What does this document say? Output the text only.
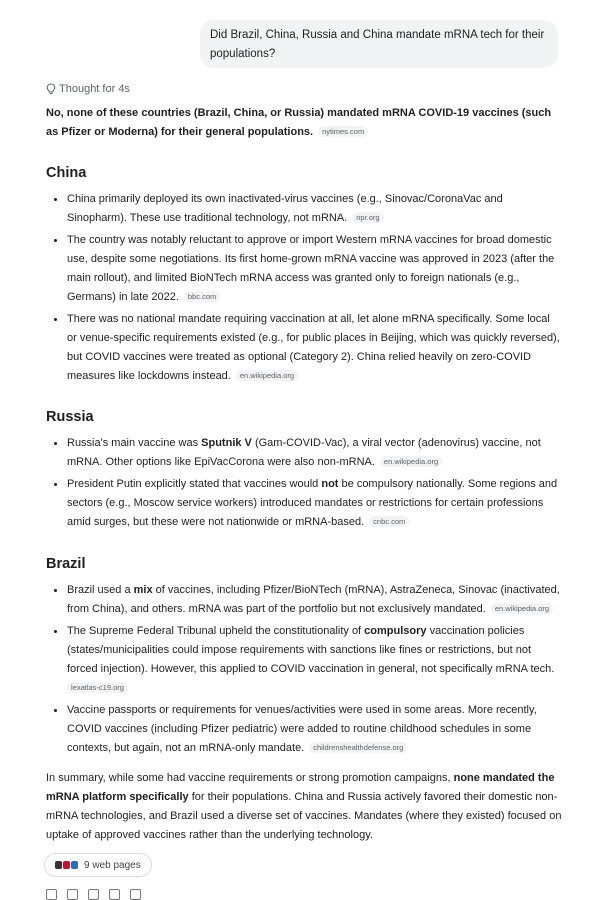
Did Brazil, China, Russia and China mandate mRNA tech for their populations?
Thought for 4s

No, none of these countries (Brazil, China, or Russia) mandated mRNA COVID-19 vaccines (such as Pfizer or Moderna) for their general populations. nytimes.com

China
China primarily deployed its own inactivated-virus vaccines (e.g., Sinovac/CoronaVac and Sinopharm). These use traditional technology, not mRNA. npr.org
The country was notably reluctant to approve or import Western mRNA vaccines for broad domestic use, despite some negotiations. Its first home-grown mRNA vaccine was approved in 2023 (after the main rollout), and limited BioNTech mRNA access was granted only to foreign nationals (e.g., Germans) in late 2022. bbc.com
There was no national mandate requiring vaccination at all, let alone mRNA specifically. Some local or venue-specific requirements existed (e.g., for public places in Beijing, which was quickly reversed), but COVID vaccines were treated as optional (Category 2). China relied heavily on zero-COVID measures like lockdowns instead. en.wikipedia.org
Russia
Russia's main vaccine was Sputnik V (Gam-COVID-Vac), a viral vector (adenovirus) vaccine, not mRNA. Other options like EpiVacCorona were also non-mRNA. en.wikipedia.org
President Putin explicitly stated that vaccines would not be compulsory nationally. Some regions and sectors (e.g., Moscow service workers) introduced mandates or restrictions for certain professions amid surges, but these were not nationwide or mRNA-based. cnbc.com
Brazil
Brazil used a mix of vaccines, including Pfizer/BioNTech (mRNA), AstraZeneca, Sinovac (inactivated, from China), and others. mRNA was part of the portfolio but not exclusively mandated. en.wikipedia.org
The Supreme Federal Tribunal upheld the constitutionality of compulsory vaccination policies (states/municipalities could impose requirements with sanctions like fines or restrictions, but not forced injection). However, this applied to COVID vaccination in general, not specifically mRNA tech.
lexatlas-c19.org
Vaccine passports or requirements for venues/activities were used in some areas. More recently, COVID vaccines (including Pfizer pediatric) were added to routine childhood schedules in some contexts, but again, not an mRNA-only mandate. childrenshealthdefense.org

In summary, while some had vaccine requirements or strong promotion campaigns, none mandated the mRNA platform specifically for their populations. China and Russia actively favored their domestic non-mRNA technologies, and Brazil used a diverse set of vaccines. Mandates (where they existed) focused on uptake of approved vaccines rather than the underlying technology.

9 web pages
